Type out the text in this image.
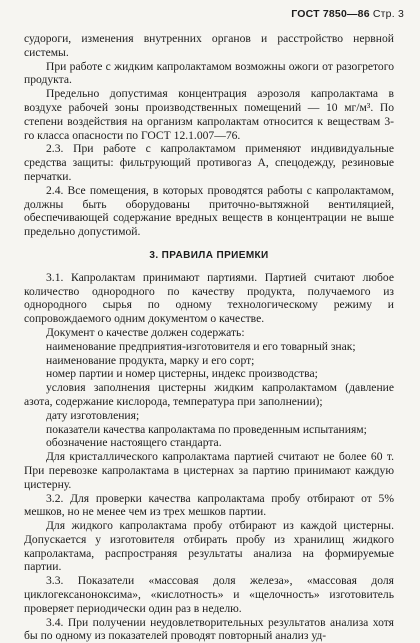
ГОСТ 7850—86 Стр. 3

судороги, изменения внутренних органов и расстройство нервной системы.

При работе с жидким капролактамом возможны ожоги от разогретого продукта.

Предельно допустимая концентрация аэрозоля капролактама в воздухе рабочей зоны производственных помещений — 10 мг/м³. По степени воздействия на организм капролактам относится к веществам 3-го класса опасности по ГОСТ 12.1.007—76.

2.3. При работе с капролактамом применяют индивидуальные средства защиты: фильтрующий противогаз А, спецодежду, резиновые перчатки.

2.4. Все помещения, в которых проводятся работы с капролактамом, должны быть оборудованы приточно-вытяжной вентиляцией, обеспечивающей содержание вредных веществ в концентрации не выше предельно допустимой.

3. ПРАВИЛА ПРИЕМКИ

3.1. Капролактам принимают партиями. Партией считают любое количество однородного по качеству продукта, получаемого из однородного сырья по одному технологическому режиму и сопровождаемого одним документом о качестве.

Документ о качестве должен содержать:

наименование предприятия-изготовителя и его товарный знак;

наименование продукта, марку и его сорт;

номер партии и номер цистерны, индекс производства;

условия заполнения цистерны жидким капролактамом (давление азота, содержание кислорода, температура при заполнении);

дату изготовления;

показатели качества капролактама по проведенным испытаниям;

обозначение настоящего стандарта.

Для кристаллического капролактама партией считают не более 60 т. При перевозке капролактама в цистернах за партию принимают каждую цистерну.

3.2. Для проверки качества капролактама пробу отбирают от 5% мешков, но не менее чем из трех мешков партии.

Для жидкого капролактама пробу отбирают из каждой цистерны. Допускается у изготовителя отбирать пробу из хранилищ жидкого капролактама, распространяя результаты анализа на формируемые партии.

3.3. Показатели «массовая доля железа», «массовая доля циклогексаноноксима», «кислотность» и «щелочность» изготовитель проверяет периодически один раз в неделю.

3.4. При получении неудовлетворительных результатов анализа хотя бы по одному из показателей проводят повторный анализ уд-
